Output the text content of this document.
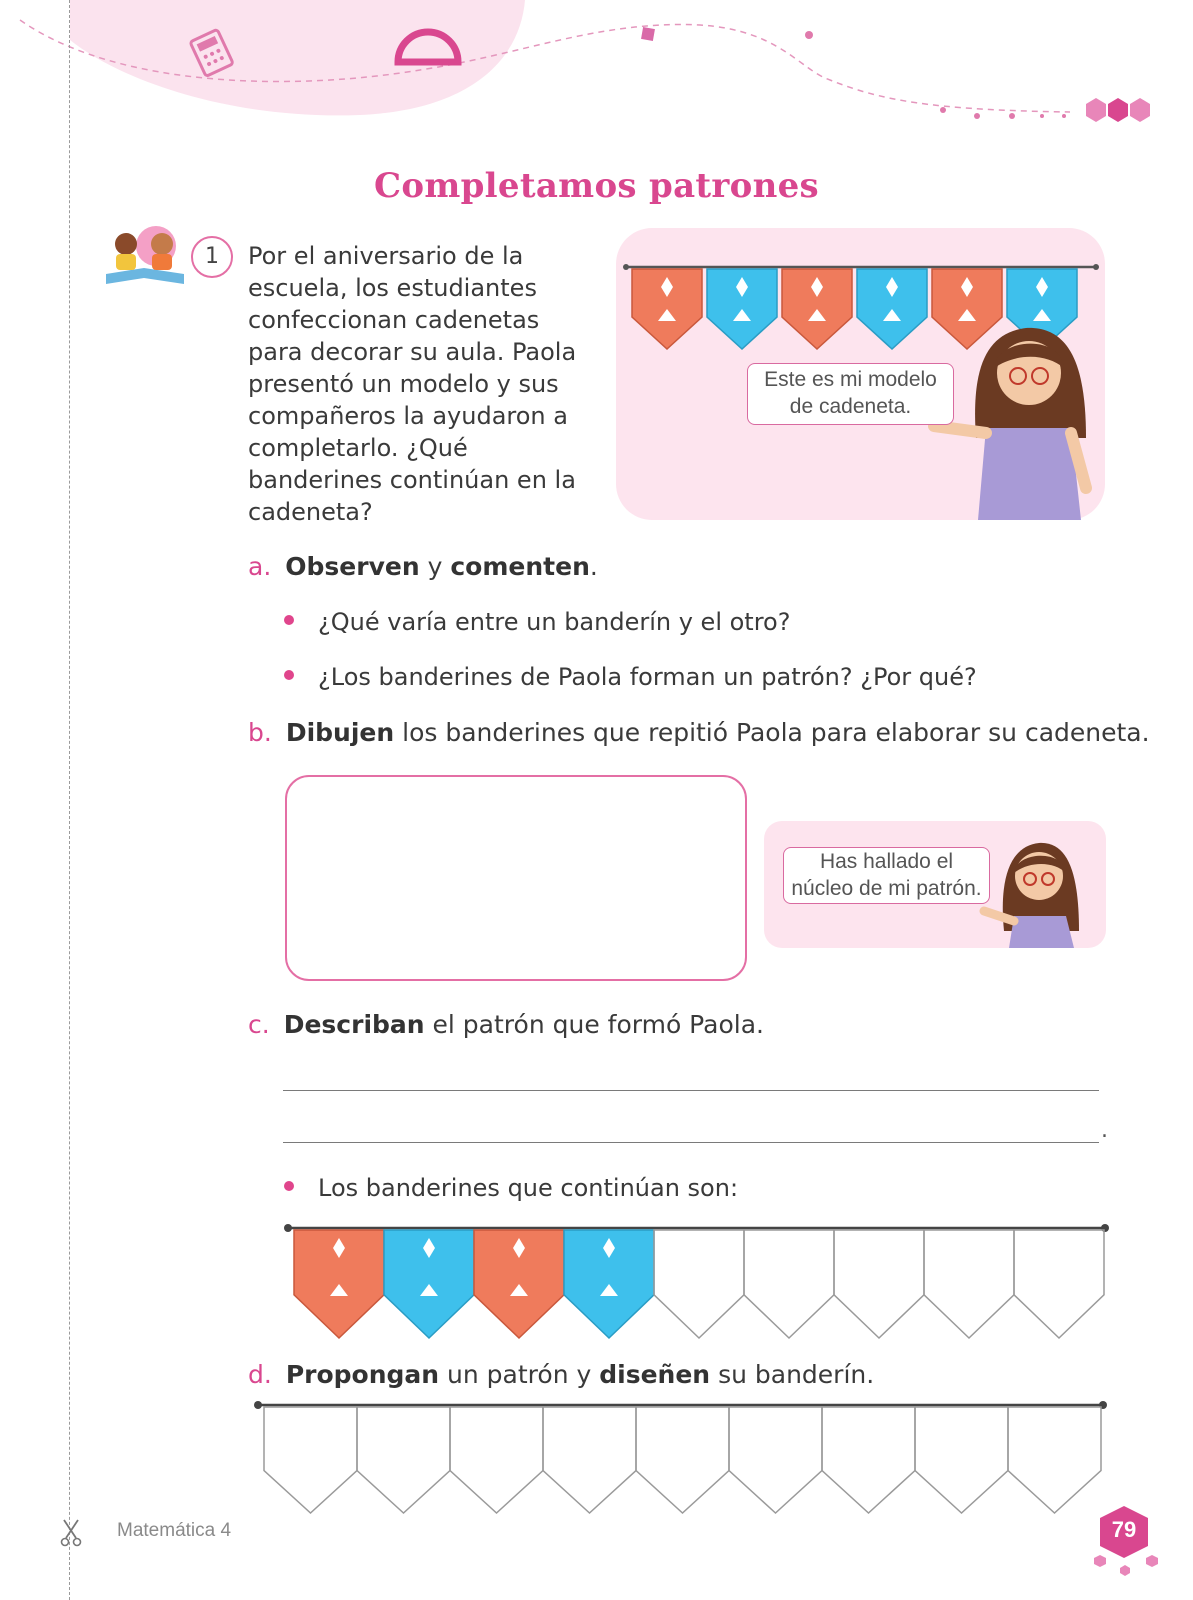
Completamos patrones
1	Por el aniversario de la escuela, los estudiantes confeccionan cadenetas para decorar su aula. Paola presentó un modelo y sus compañeros la ayudaron a completarlo. ¿Qué banderines continúan en la cadeneta?
Este es mi modelo
de cadeneta.
a. Observen y comenten.
¿Qué varía entre un banderín y el otro?
¿Los banderines de Paola forman un patrón? ¿Por qué?
b. Dibujen los banderines que repitió Paola para elaborar su cadeneta.
Has hallado el
núcleo de mi patrón.
c. Describan el patrón que formó Paola.
.
Los banderines que continúan son:
d. Propongan un patrón y diseñen su banderín.
Matemática 4	79
